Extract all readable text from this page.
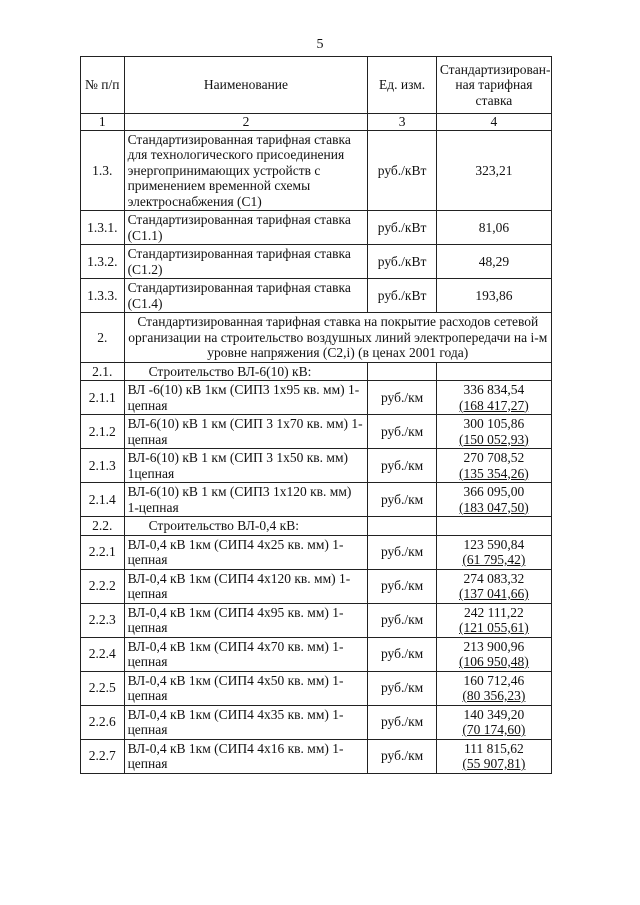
5
№ п/п	Наименование	Ед. изм.	Стандартизирован-ная тарифная ставка
1	2	3	4
1.3.	Стандартизированная тарифная ставка для технологического присоединения энергопринимающих устройств с применением временной схемы электроснабжения (С1)	руб./кВт	323,21
1.3.1.	Стандартизированная тарифная ставка (С1.1)	руб./кВт	81,06
1.3.2.	Стандартизированная тарифная ставка (С1.2)	руб./кВт	48,29
1.3.3.	Стандартизированная тарифная ставка (С1.4)	руб./кВт	193,86
2.	Стандартизированная тарифная ставка на покрытие расходов сетевой организации на строительство воздушных линий электропередачи на i-м уровне напряжения (С2,i) (в ценах 2001 года)		
2.1.	Строительство ВЛ-6(10) кВ:		
2.1.1	ВЛ -6(10) кВ 1км (СИП3 1х95 кв. мм) 1-цепная	руб./км	336 834,54
(168 417,27)

2.1.2	ВЛ-6(10) кВ 1 км (СИП 3 1х70 кв. мм) 1-цепная	руб./км	300 105,86
(150 052,93)

2.1.3	ВЛ-6(10) кВ 1 км (СИП 3 1х50 кв. мм) 1цепная	руб./км	270 708,52
(135 354,26)

2.1.4	ВЛ-6(10) кВ 1 км (СИП3 1х120 кв. мм) 1-цепная	руб./км	366 095,00
(183 047,50)

2.2.	Строительство ВЛ-0,4 кВ:		
2.2.1	ВЛ-0,4 кВ 1км (СИП4 4х25 кв. мм) 1- цепная	руб./км	123 590,84
(61 795,42)

2.2.2	ВЛ-0,4 кВ 1км (СИП4 4х120 кв. мм) 1- цепная	руб./км	274 083,32
(137 041,66)

2.2.3	ВЛ-0,4 кВ 1км (СИП4 4х95 кв. мм) 1- цепная	руб./км	242 111,22
(121 055,61)

2.2.4	ВЛ-0,4 кВ 1км (СИП4 4х70 кв. мм) 1- цепная	руб./км	213 900,96
(106 950,48)

2.2.5	ВЛ-0,4 кВ 1км (СИП4 4х50 кв. мм) 1- цепная	руб./км	160 712,46
(80 356,23)

2.2.6	ВЛ-0,4 кВ 1км (СИП4 4х35 кв. мм) 1- цепная	руб./км	140 349,20
(70 174,60)

2.2.7	ВЛ-0,4 кВ 1км (СИП4 4х16 кв. мм) 1- цепная	руб./км	111 815,62
(55 907,81)
